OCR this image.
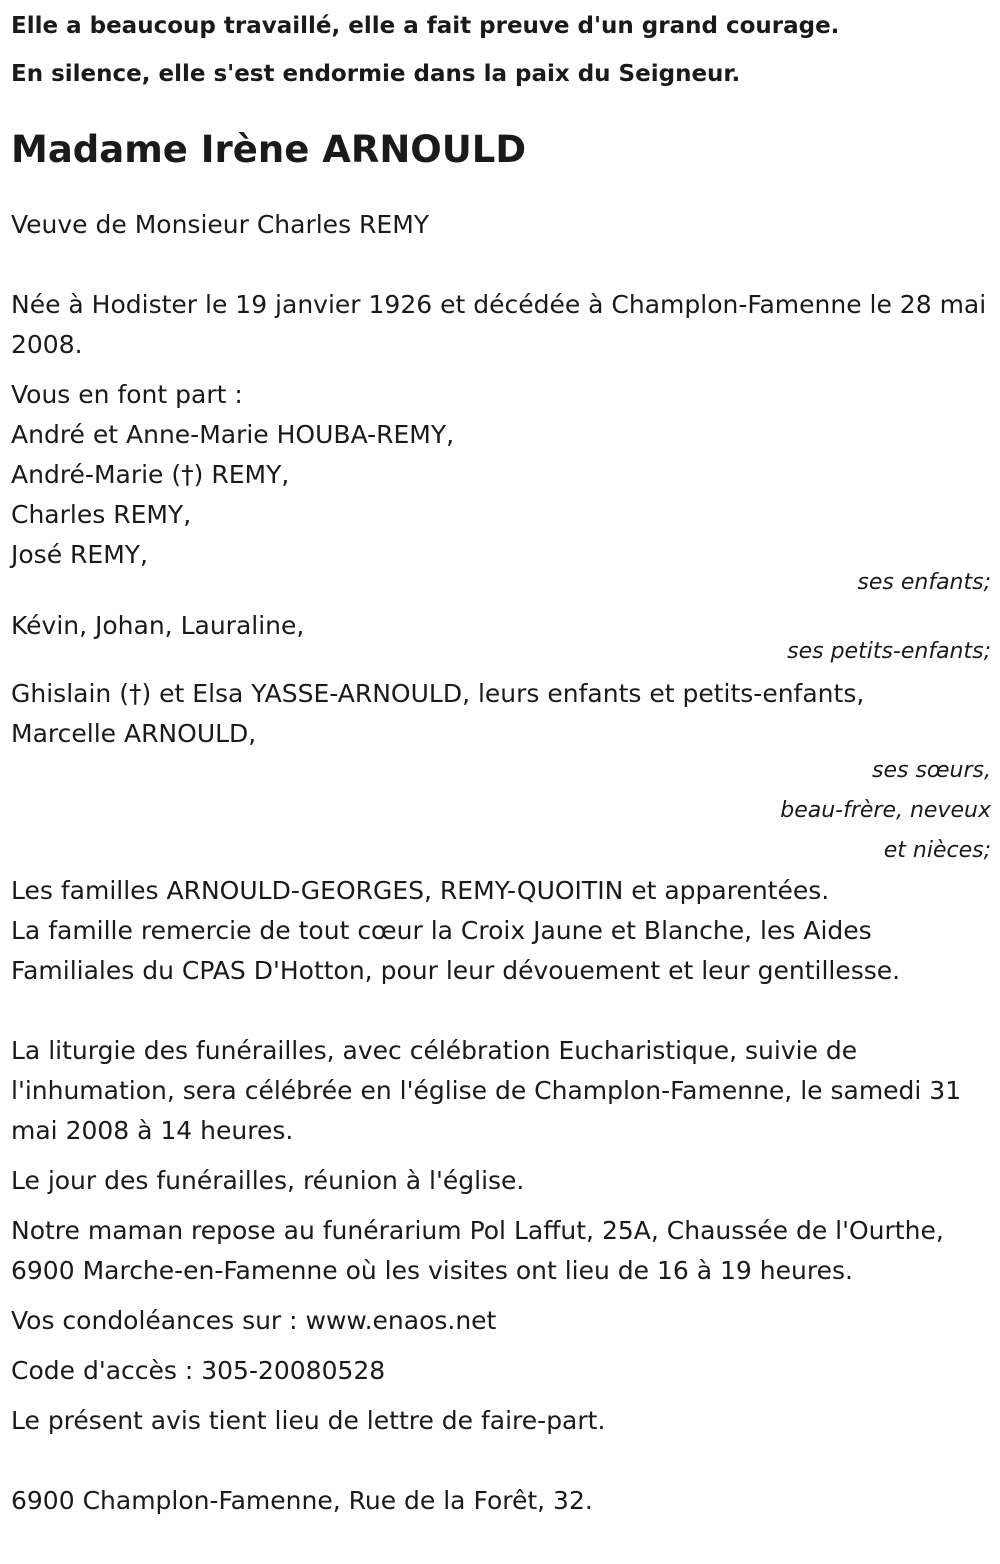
Elle a beaucoup travaillé, elle a fait preuve d'un grand courage.

En silence, elle s'est endormie dans la paix du Seigneur.

Madame Irène ARNOULD

Veuve de Monsieur Charles REMY

Née à Hodister le 19 janvier 1926 et décédée à Champlon-Famenne le 28 mai 2008.

Vous en font part :

André et Anne-Marie HOUBA-REMY,

André-Marie (†) REMY,

Charles REMY,

José REMY,

ses enfants;

Kévin, Johan, Lauraline,

ses petits-enfants;

Ghislain (†) et Elsa YASSE-ARNOULD, leurs enfants et petits-enfants,

Marcelle ARNOULD,

ses sœurs,

beau-frère, neveux

et nièces;

Les familles ARNOULD-GEORGES, REMY-QUOITIN et apparentées.

La famille remercie de tout cœur la Croix Jaune et Blanche, les Aides Familiales du CPAS D'Hotton, pour leur dévouement et leur gentillesse.

La liturgie des funérailles, avec célébration Eucharistique, suivie de l'inhumation, sera célébrée en l'église de Champlon-Famenne, le samedi 31 mai 2008 à 14 heures.

Le jour des funérailles, réunion à l'église.

Notre maman repose au funérarium Pol Laffut, 25A, Chaussée de l'Ourthe, 6900 Marche-en-Famenne où les visites ont lieu de 16 à 19 heures.

Vos condoléances sur : www.enaos.net

Code d'accès : 305-20080528

Le présent avis tient lieu de lettre de faire-part.

6900 Champlon-Famenne, Rue de la Forêt, 32.
